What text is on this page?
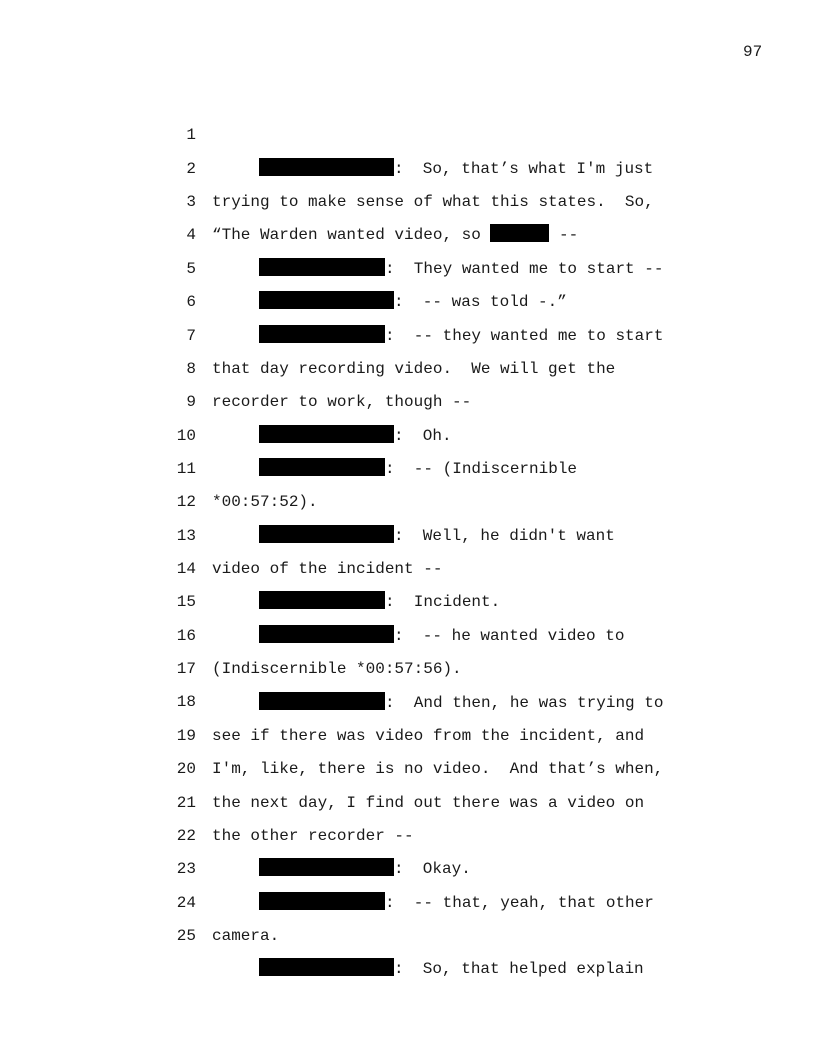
97

1

:  So, that’s what I'm just

2

trying to make sense of what this states.  So,

3

“The Warden wanted video, so	--

4

:  They wanted me to start --

5

:  -- was told -.”

6

:  -- they wanted me to start

7

that day recording video.  We will get the

8

recorder to work, though --

9

:  Oh.

10

:  -- (Indiscernible

11

*00:57:52).

12

:  Well, he didn't want

13

video of the incident --

14

:  Incident.

15

:  -- he wanted video to

16

(Indiscernible *00:57:56).

17

:  And then, he was trying to

18

see if there was video from the incident, and

19

I'm, like, there is no video.  And that’s when,

20

the next day, I find out there was a video on

21

the other recorder --

22

:  Okay.

23

:  -- that, yeah, that other

24

camera.

25

:  So, that helped explain
